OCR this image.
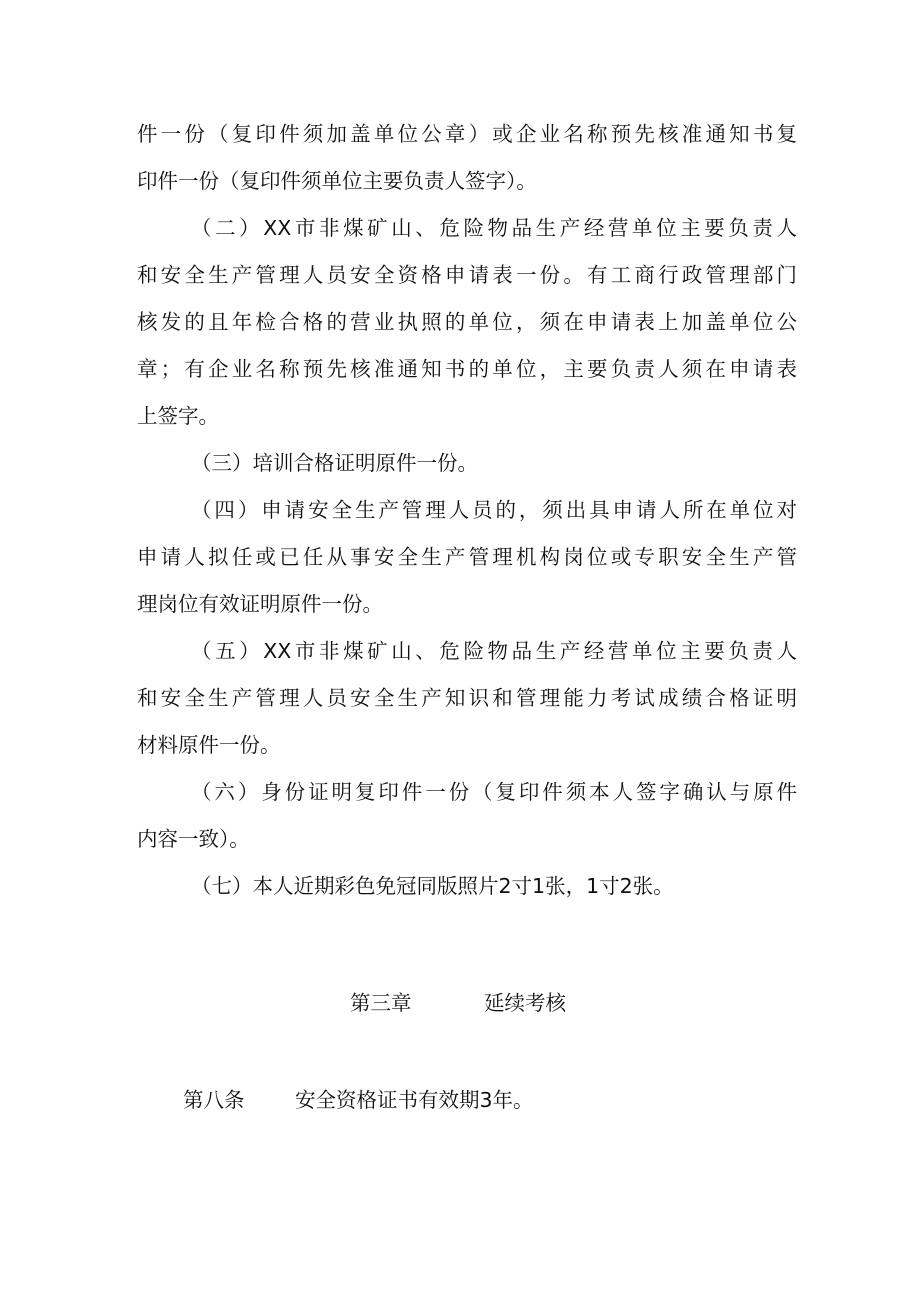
件一份（复印件须加盖单位公章）或企业名称预先核准通知书复
印件一份（复印件须单位主要负责人签字）。
（二）XX市非煤矿山、危险物品生产经营单位主要负责人
和安全生产管理人员安全资格申请表一份。有工商行政管理部门
核发的且年检合格的营业执照的单位，须在申请表上加盖单位公
章；有企业名称预先核准通知书的单位，主要负责人须在申请表
上签字。
（三）培训合格证明原件一份。
（四）申请安全生产管理人员的，须出具申请人所在单位对
申请人拟任或已任从事安全生产管理机构岗位或专职安全生产管
理岗位有效证明原件一份。
（五）XX市非煤矿山、危险物品生产经营单位主要负责人
和安全生产管理人员安全生产知识和管理能力考试成绩合格证明
材料原件一份。
（六）身份证明复印件一份（复印件须本人签字确认与原件
内容一致）。
（七）本人近期彩色免冠同版照片2寸1张，1寸2张。
第三章	延续考核
第八条 安全资格证书有效期3年。
